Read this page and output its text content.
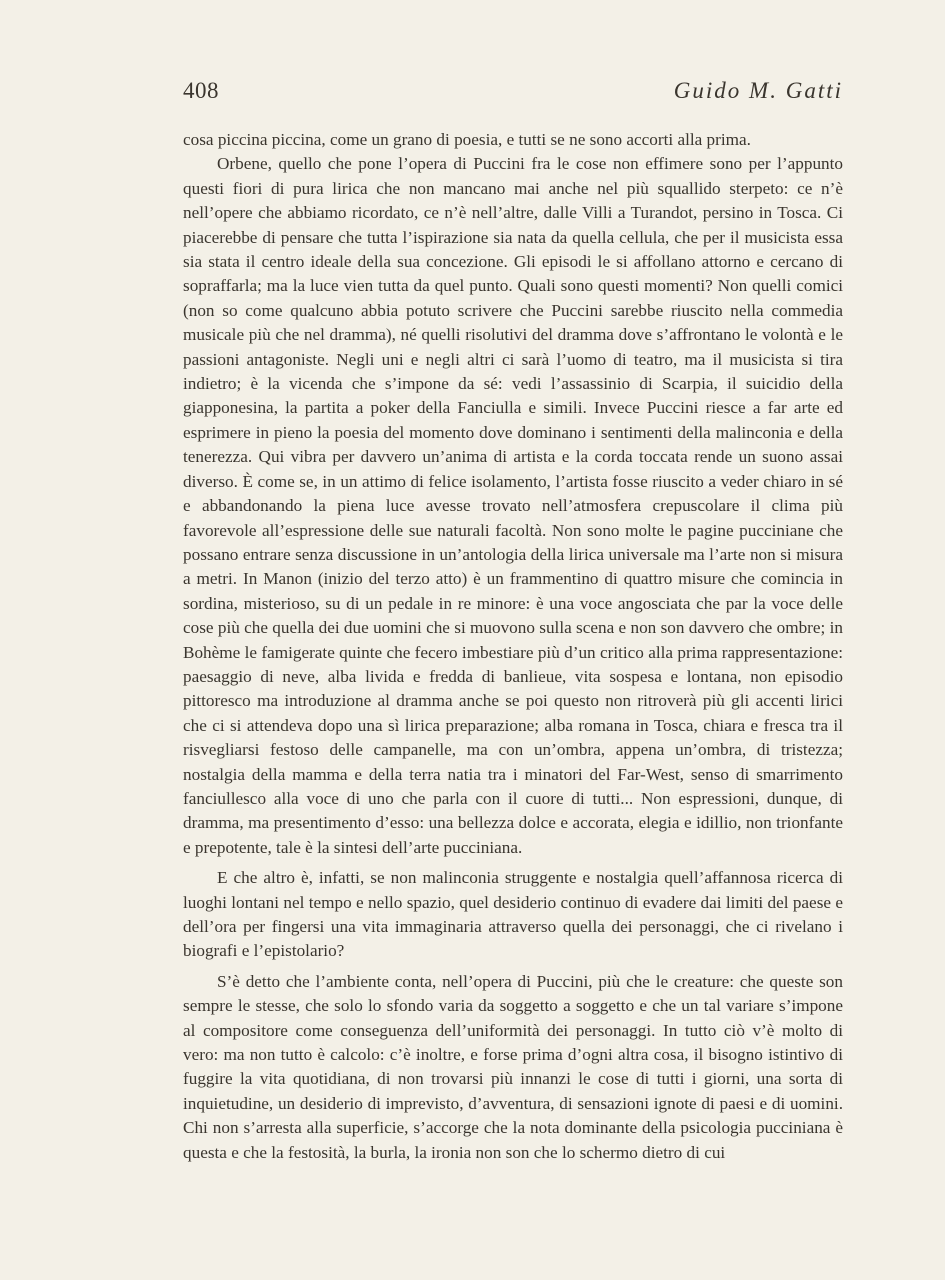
408	Guido M. Gatti

cosa piccina piccina, come un grano di poesia, e tutti se ne sono accorti alla prima.

Orbene, quello che pone l’opera di Puccini fra le cose non effimere sono per l’appunto questi fiori di pura lirica che non mancano mai anche nel più squallido sterpeto: ce n’è nell’opere che abbiamo ricordato, ce n’è nell’altre, dalle Villi a Turandot, persino in Tosca. Ci piacerebbe di pensare che tutta l’ispirazione sia nata da quella cellula, che per il musicista essa sia stata il centro ideale della sua concezione. Gli episodi le si affollano attorno e cercano di sopraffarla; ma la luce vien tutta da quel punto. Quali sono questi momenti? Non quelli comici (non so come qualcuno abbia potuto scrivere che Puccini sarebbe riuscito nella commedia musicale più che nel dramma), né quelli risolutivi del dramma dove s’affrontano le volontà e le passioni antagoniste. Negli uni e negli altri ci sarà l’uomo di teatro, ma il musicista si tira indietro; è la vicenda che s’impone da sé: vedi l’assassinio di Scarpia, il suicidio della giapponesina, la partita a poker della Fanciulla e simili. Invece Puccini riesce a far arte ed esprimere in pieno la poesia del momento dove dominano i sentimenti della malinconia e della tenerezza. Qui vibra per davvero un’anima di artista e la corda toccata rende un suono assai diverso. È come se, in un attimo di felice isolamento, l’artista fosse riuscito a veder chiaro in sé e abbandonando la piena luce avesse trovato nell’atmosfera crepuscolare il clima più favorevole all’espressione delle sue naturali facoltà. Non sono molte le pagine pucciniane che possano entrare senza discussione in un’antologia della lirica universale ma l’arte non si misura a metri. In Manon (inizio del terzo atto) è un frammentino di quattro misure che comincia in sordina, misterioso, su di un pedale in re minore: è una voce angosciata che par la voce delle cose più che quella dei due uomini che si muovono sulla scena e non son davvero che ombre; in Bohème le famigerate quinte che fecero imbestiare più d’un critico alla prima rappresentazione: paesaggio di neve, alba livida e fredda di banlieue, vita sospesa e lontana, non episodio pittoresco ma introduzione al dramma anche se poi questo non ritroverà più gli accenti lirici che ci si attendeva dopo una sì lirica preparazione; alba romana in Tosca, chiara e fresca tra il risvegliarsi festoso delle campanelle, ma con un’ombra, appena un’ombra, di tristezza; nostalgia della mamma e della terra natia tra i minatori del Far-West, senso di smarrimento fanciullesco alla voce di uno che parla con il cuore di tutti... Non espressioni, dunque, di dramma, ma presentimento d’esso: una bellezza dolce e accorata, elegia e idillio, non trionfante e prepotente, tale è la sintesi dell’arte pucciniana.

E che altro è, infatti, se non malinconia struggente e nostalgia quell’affannosa ricerca di luoghi lontani nel tempo e nello spazio, quel desiderio continuo di evadere dai limiti del paese e dell’ora per fingersi una vita immaginaria attraverso quella dei personaggi, che ci rivelano i biografi e l’epistolario?

S’è detto che l’ambiente conta, nell’opera di Puccini, più che le creature: che queste son sempre le stesse, che solo lo sfondo varia da soggetto a soggetto e che un tal variare s’impone al compositore come conseguenza dell’uniformità dei personaggi. In tutto ciò v’è molto di vero: ma non tutto è calcolo: c’è inoltre, e forse prima d’ogni altra cosa, il bisogno istintivo di fuggire la vita quotidiana, di non trovarsi più innanzi le cose di tutti i giorni, una sorta di inquietudine, un desiderio di imprevisto, d’avventura, di sensazioni ignote di paesi e di uomini. Chi non s’arresta alla superficie, s’accorge che la nota dominante della psicologia pucciniana è questa e che la festosità, la burla, la ironia non son che lo schermo dietro di cui
